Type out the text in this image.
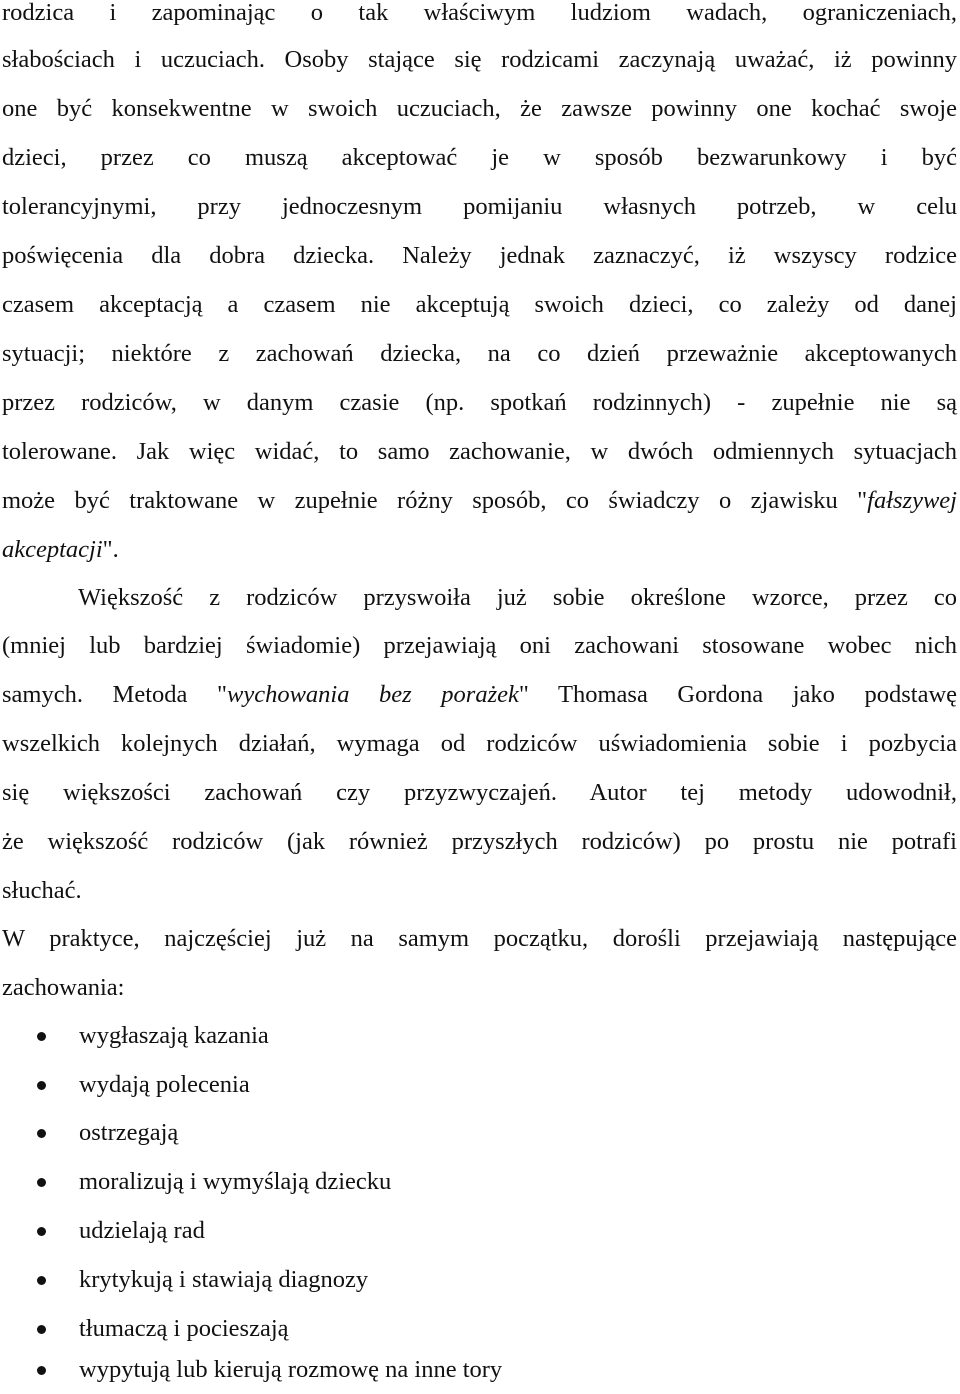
rodzica i zapominając o tak właściwym ludziom wadach, ograniczeniach,
słabościach i uczuciach. Osoby stające się rodzicami zaczynają uważać, iż powinny
one być konsekwentne w swoich uczuciach, że zawsze powinny one kochać swoje
dzieci, przez co muszą akceptować je w sposób bezwarunkowy i być
tolerancyjnymi, przy jednoczesnym pomijaniu własnych potrzeb, w celu
poświęcenia dla dobra dziecka. Należy jednak zaznaczyć, iż wszyscy rodzice
czasem akceptacją a czasem nie akceptują swoich dzieci, co zależy od danej
sytuacji; niektóre z zachowań dziecka, na co dzień przeważnie akceptowanych
przez rodziców, w danym czasie (np. spotkań rodzinnych) - zupełnie nie są
tolerowane. Jak więc widać, to samo zachowanie, w dwóch odmiennych sytuacjach
może być traktowane w zupełnie różny sposób, co świadczy o zjawisku "fałszywej
akceptacji".
Większość z rodziców przyswoiła już sobie określone wzorce, przez co
(mniej lub bardziej świadomie) przejawiają oni zachowani stosowane wobec nich
samych. Metoda "wychowania bez porażek" Thomasa Gordona jako podstawę
wszelkich kolejnych działań, wymaga od rodziców uświadomienia sobie i pozbycia
się większości zachowań czy przyzwyczajeń. Autor tej metody udowodnił,
że większość rodziców (jak również przyszłych rodziców) po prostu nie potrafi
słuchać.
W praktyce, najczęściej już na samym początku, dorośli przejawiają następujące
zachowania:
wygłaszają kazania
wydają polecenia
ostrzegają
moralizują i wymyślają dziecku
udzielają rad
krytykują i stawiają diagnozy
tłumaczą i pocieszają
wypytują lub kierują rozmowę na inne tory
